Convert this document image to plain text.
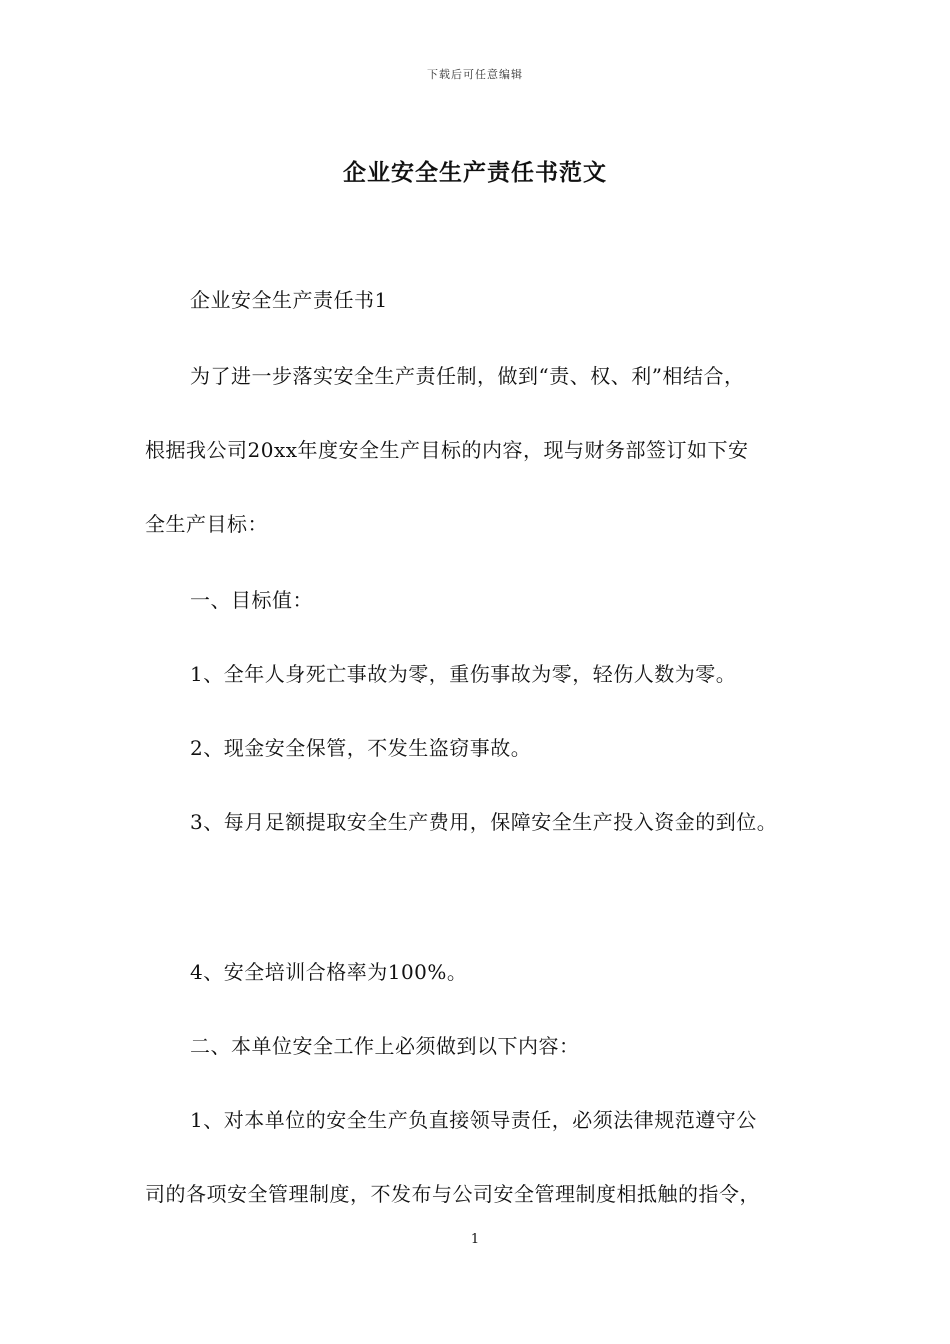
下载后可任意编辑
企业安全生产责任书范文
企业安全生产责任书1
为了进一步落实安全生产责任制，做到“责、权、利”相结合，
根据我公司20xx年度安全生产目标的内容，现与财务部签订如下安
全生产目标：
一、目标值：
1、全年人身死亡事故为零，重伤事故为零，轻伤人数为零。
2、现金安全保管，不发生盗窃事故。
3、每月足额提取安全生产费用，保障安全生产投入资金的到位。
4、安全培训合格率为100%。
二、本单位安全工作上必须做到以下内容：
1、对本单位的安全生产负直接领导责任，必须法律规范遵守公
司的各项安全管理制度，不发布与公司安全管理制度相抵触的指令，
1
